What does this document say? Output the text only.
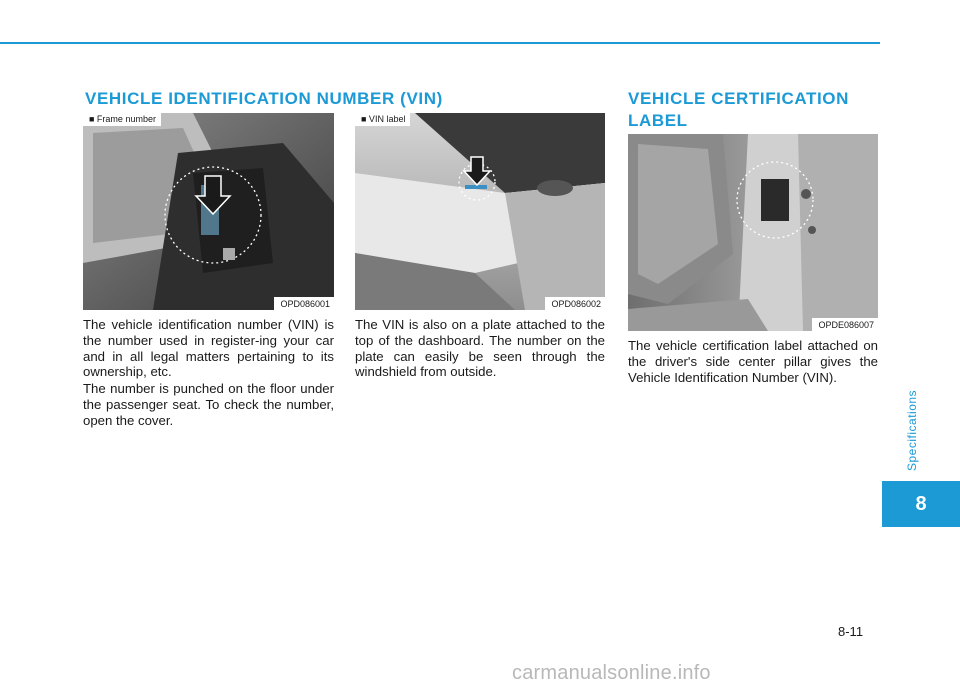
VEHICLE IDENTIFICATION NUMBER (VIN)
■ Frame number
OPD086001
■ VIN label
OPD086002

The vehicle identification number (VIN) is the number used in register-ing your car and in all legal matters pertaining to its ownership, etc.

The number is punched on the floor under the passenger seat. To check the number, open the cover.

The VIN is also on a plate attached to the top of the dashboard. The number on the plate can easily be seen through the windshield from outside.

VEHICLE CERTIFICATION LABEL
OPDE086007

The vehicle certification label attached on the driver's side center pillar gives the Vehicle Identification Number (VIN).

Specifications
8
8-11
carmanualsonline.info
